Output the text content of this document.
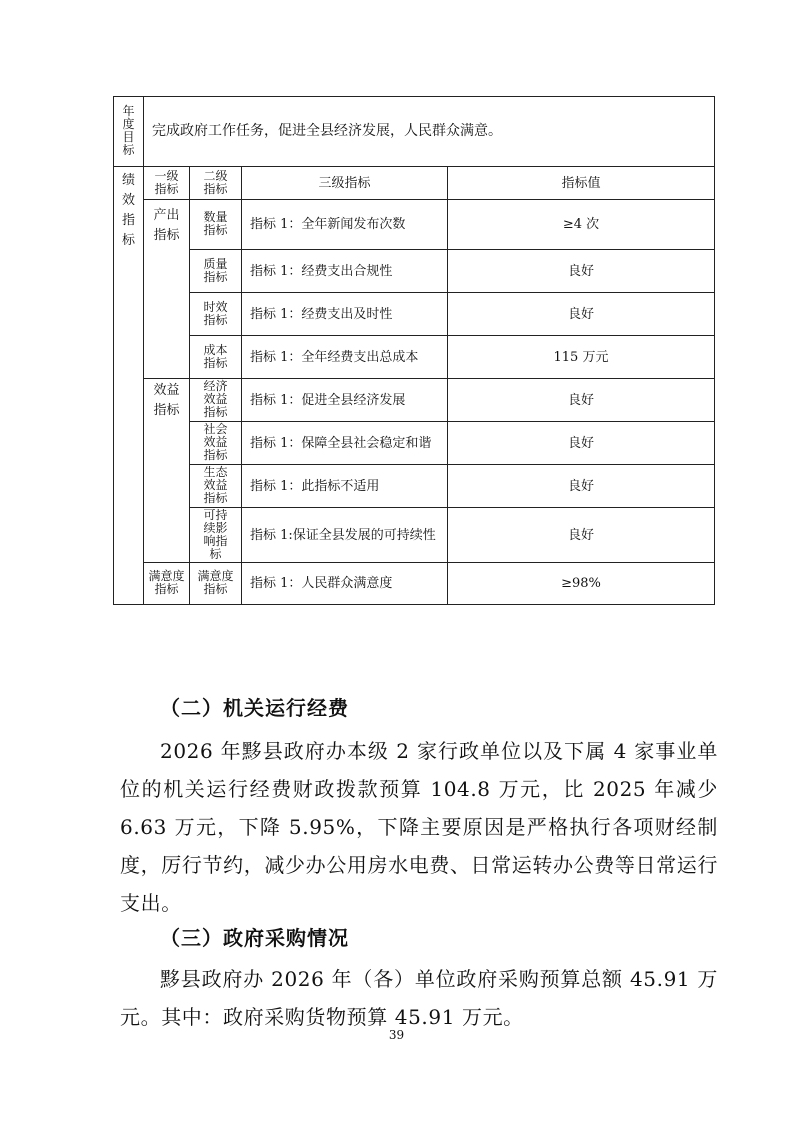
年度目标	完成政府工作任务，促进全县经济发展，人民群众满意。			
绩效指标	一级指标	二级指标	三级指标	指标值
	产出指标	数量指标	指标 1：全年新闻发布次数	≥4 次
		质量指标	指标 1：经费支出合规性	良好
		时效指标	指标 1：经费支出及时性	良好
		成本指标	指标 1：全年经费支出总成本	115 万元
	效益指标	经济效益指标	指标 1：促进全县经济发展	良好
		社会效益指标	指标 1：保障全县社会稳定和谐	良好
		生态效益指标	指标 1：此指标不适用	良好
		可持续影响指标	指标 1:保证全县发展的可持续性	良好
	满意度指标	满意度指标	指标 1：人民群众满意度	≥98%
（二）机关运行经费

2026 年黟县政府办本级 2 家行政单位以及下属 4 家事业单位的机关运行经费财政拨款预算 104.8 万元，比 2025 年减少 6.63 万元，下降 5.95%，下降主要原因是严格执行各项财经制度，厉行节约，减少办公用房水电费、日常运转办公费等日常运行支出。

（三）政府采购情况

黟县政府办 2026 年（各）单位政府采购预算总额 45.91 万元。其中：政府采购货物预算 45.91 万元。

39
